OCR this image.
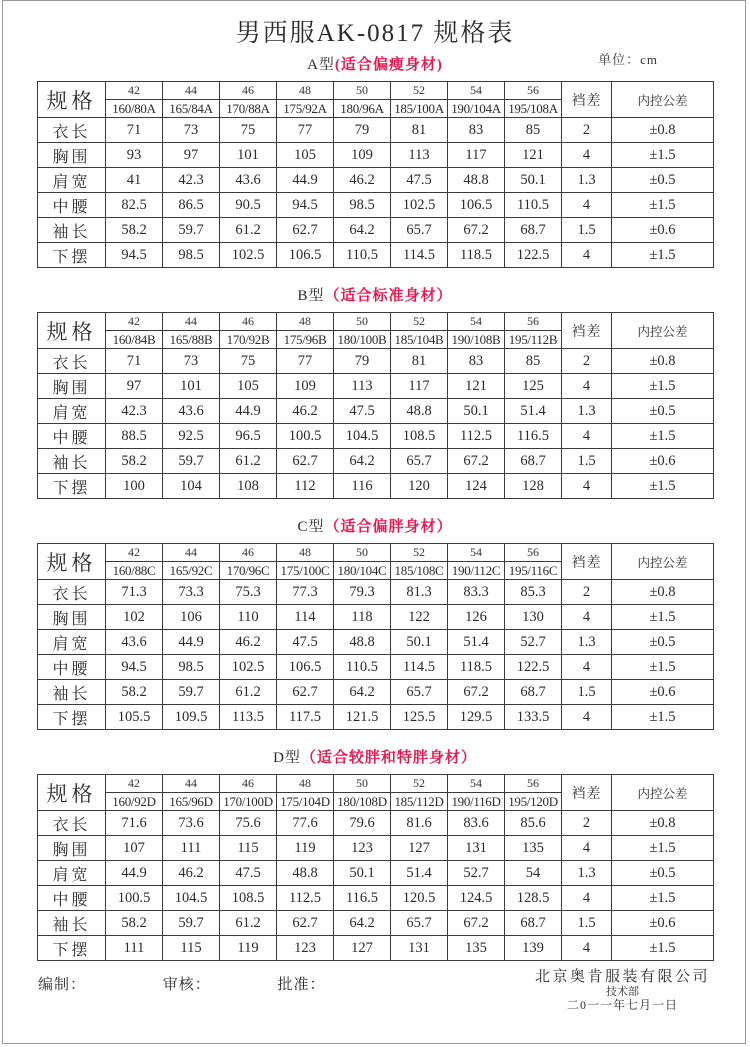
男西服AK-0817 规格表
单位：cm
A型(适合偏瘦身材)
规格	42	44	46	48	50	52	54	56	裆差	内控公差
	160/80A	165/84A	170/88A	175/92A	180/96A	185/100A	190/104A	195/108A		
衣长	71	73	75	77	79	81	83	85	2	±0.8
胸围	93	97	101	105	109	113	117	121	4	±1.5
肩宽	41	42.3	43.6	44.9	46.2	47.5	48.8	50.1	1.3	±0.5
中腰	82.5	86.5	90.5	94.5	98.5	102.5	106.5	110.5	4	±1.5
袖长	58.2	59.7	61.2	62.7	64.2	65.7	67.2	68.7	1.5	±0.6
下摆	94.5	98.5	102.5	106.5	110.5	114.5	118.5	122.5	4	±1.5
B型（适合标准身材）
规格	42	44	46	48	50	52	54	56	裆差	内控公差
	160/84B	165/88B	170/92B	175/96B	180/100B	185/104B	190/108B	195/112B		
衣长	71	73	75	77	79	81	83	85	2	±0.8
胸围	97	101	105	109	113	117	121	125	4	±1.5
肩宽	42.3	43.6	44.9	46.2	47.5	48.8	50.1	51.4	1.3	±0.5
中腰	88.5	92.5	96.5	100.5	104.5	108.5	112.5	116.5	4	±1.5
袖长	58.2	59.7	61.2	62.7	64.2	65.7	67.2	68.7	1.5	±0.6
下摆	100	104	108	112	116	120	124	128	4	±1.5
C型（适合偏胖身材）
规格	42	44	46	48	50	52	54	56	裆差	内控公差
	160/88C	165/92C	170/96C	175/100C	180/104C	185/108C	190/112C	195/116C		
衣长	71.3	73.3	75.3	77.3	79.3	81.3	83.3	85.3	2	±0.8
胸围	102	106	110	114	118	122	126	130	4	±1.5
肩宽	43.6	44.9	46.2	47.5	48.8	50.1	51.4	52.7	1.3	±0.5
中腰	94.5	98.5	102.5	106.5	110.5	114.5	118.5	122.5	4	±1.5
袖长	58.2	59.7	61.2	62.7	64.2	65.7	67.2	68.7	1.5	±0.6
下摆	105.5	109.5	113.5	117.5	121.5	125.5	129.5	133.5	4	±1.5
D型（适合较胖和特胖身材）
规格	42	44	46	48	50	52	54	56	裆差	内控公差
	160/92D	165/96D	170/100D	175/104D	180/108D	185/112D	190/116D	195/120D		
衣长	71.6	73.6	75.6	77.6	79.6	81.6	83.6	85.6	2	±0.8
胸围	107	111	115	119	123	127	131	135	4	±1.5
肩宽	44.9	46.2	47.5	48.8	50.1	51.4	52.7	54	1.3	±0.5
中腰	100.5	104.5	108.5	112.5	116.5	120.5	124.5	128.5	4	±1.5
袖长	58.2	59.7	61.2	62.7	64.2	65.7	67.2	68.7	1.5	±0.6
下摆	111	115	119	123	127	131	135	139	4	±1.5
编制：	审核：	批准：	北京奥肯服装有限公司
技术部
二0一一年七月一日
